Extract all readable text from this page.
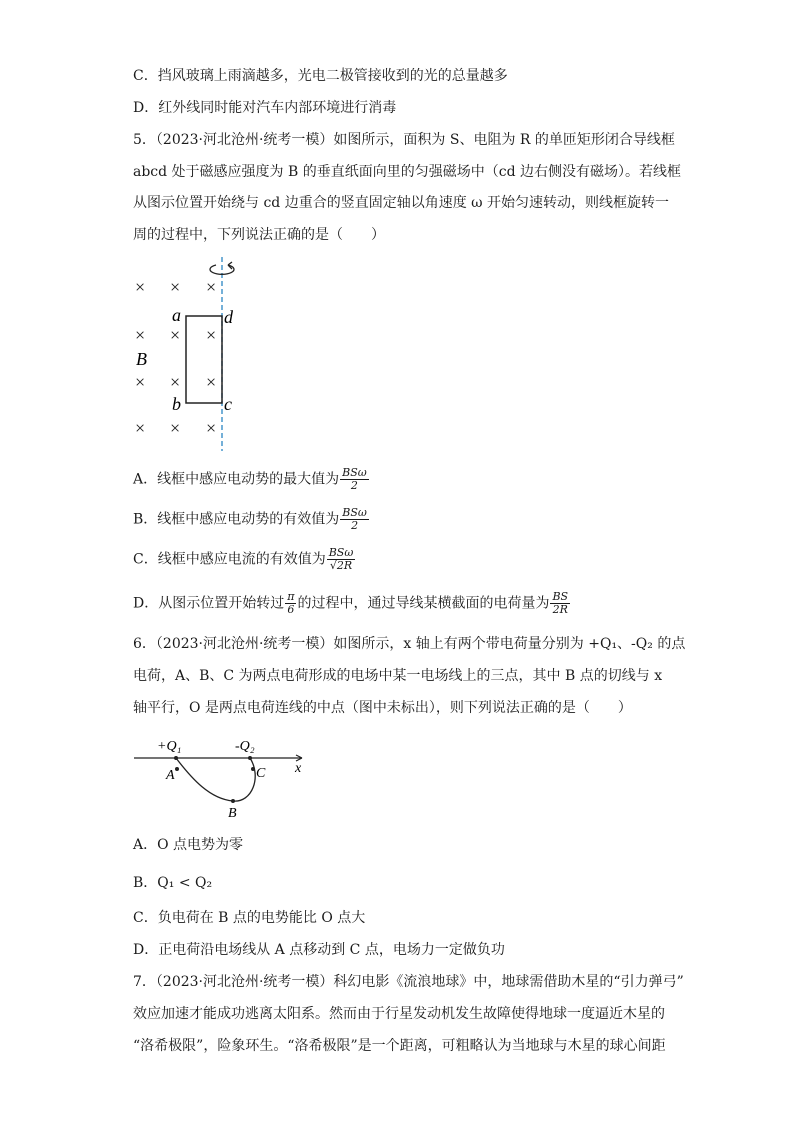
C．挡风玻璃上雨滴越多，光电二极管接收到的光的总量越多
D．红外线同时能对汽车内部环境进行消毒
5．（2023·河北沧州·统考一模）如图所示，面积为 S、电阻为 R 的单匝矩形闭合导线框
abcd 处于磁感应强度为 B 的垂直纸面向里的匀强磁场中（cd 边右侧没有磁场）。若线框
从图示位置开始绕与 cd 边重合的竖直固定轴以角速度 ω 开始匀速转动，则线框旋转一
周的过程中，下列说法正确的是（　　）
× × ×
× × ×
× × ×
× × ×
B
a d
b c
A．线框中感应电动势的最大值为 $\frac{\text{BSω}}{2}$
B．线框中感应电动势的有效值为 $\frac{\text{BSω}}{2}$
C．线框中感应电流的有效值为 $\frac{\text{BSω}}{√2R}$
D．从图示位置开始转过 $\frac{\pi}{6}$ 的过程中，通过导线某横截面的电荷量为 $\frac{BS}{2R}$
6．（2023·河北沧州·统考一模）如图所示，x 轴上有两个带电荷量分别为 +Q₁、-Q₂ 的点
电荷，A、B、C 为两点电荷形成的电场中某一电场线上的三点，其中 B 点的切线与 x
轴平行，O 是两点电荷连线的中点（图中未标出），则下列说法正确的是（　　）
x
+Q₁	-Q₂
A
B
C
A．O 点电势为零
B．Q₁ < Q₂
C．负电荷在 B 点的电势能比 O 点大
D．正电荷沿电场线从 A 点移动到 C 点，电场力一定做负功
7．（2023·河北沧州·统考一模）科幻电影《流浪地球》中，地球需借助木星的“引力弹弓”
效应加速才能成功逃离太阳系。然而由于行星发动机发生故障使得地球一度逼近木星的
“洛希极限”，险象环生。“洛希极限”是一个距离，可粗略认为当地球与木星的球心间距
